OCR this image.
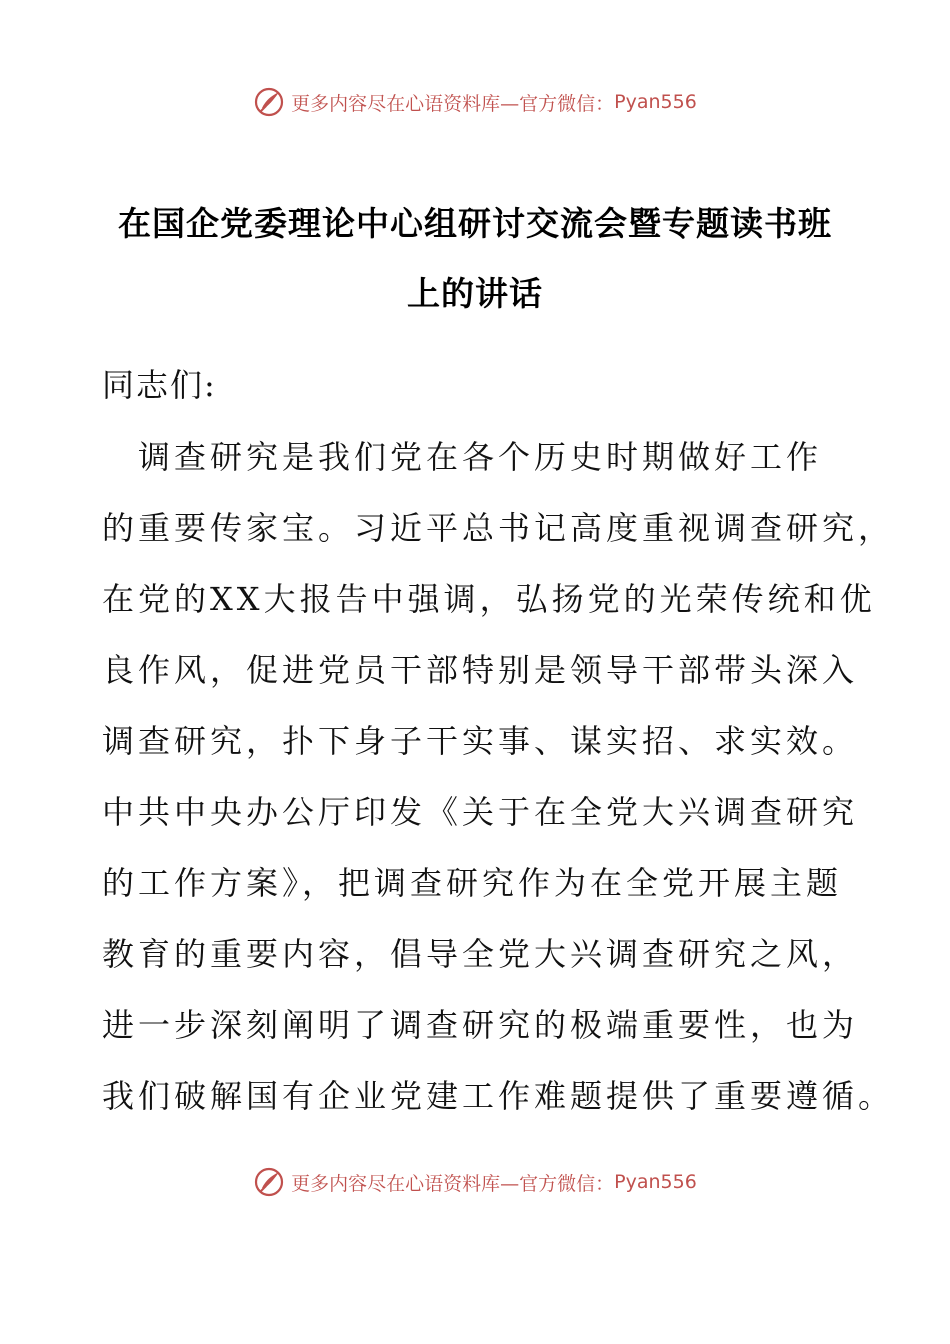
更多内容尽在心语资料库—官方微信： Pyan556
在国企党委理论中心组研讨交流会暨专题读书班
上的讲话
同志们:
　调查研究是我们党在各个历史时期做好工作
的重要传家宝。习近平总书记高度重视调查研究，
在党的XX大报告中强调，弘扬党的光荣传统和优
良作风，促进党员干部特别是领导干部带头深入
调查研究，扑下身子干实事、谋实招、求实效。
中共中央办公厅印发《关于在全党大兴调查研究
的工作方案》，把调查研究作为在全党开展主题
教育的重要内容，倡导全党大兴调查研究之风，
进一步深刻阐明了调查研究的极端重要性，也为
我们破解国有企业党建工作难题提供了重要遵循。
更多内容尽在心语资料库—官方微信： Pyan556
